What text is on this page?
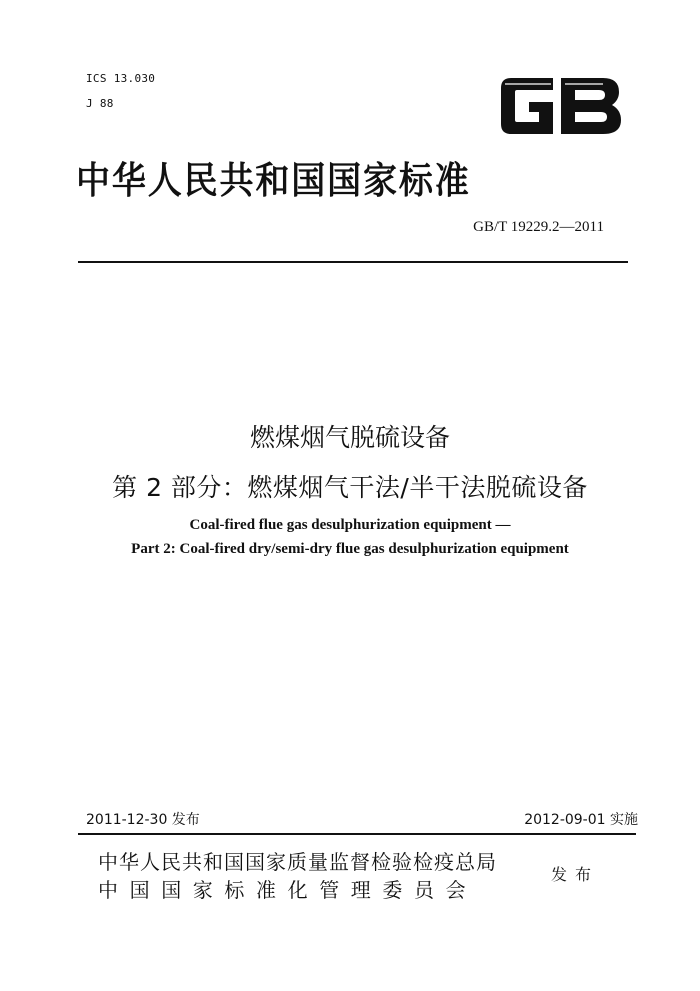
ICS 13.030
J 88
中华人民共和国国家标准
GB/T 19229.2—2011
燃煤烟气脱硫设备
第 2 部分：燃煤烟气干法/半干法脱硫设备
Coal-fired flue gas desulphurization equipment —
Part 2: Coal-fired dry/semi-dry flue gas desulphurization equipment
2011-12-30 发布	2012-09-01 实施
中华人民共和国国家质量监督检验检疫总局
中国国家标准化管理委员会
发布
